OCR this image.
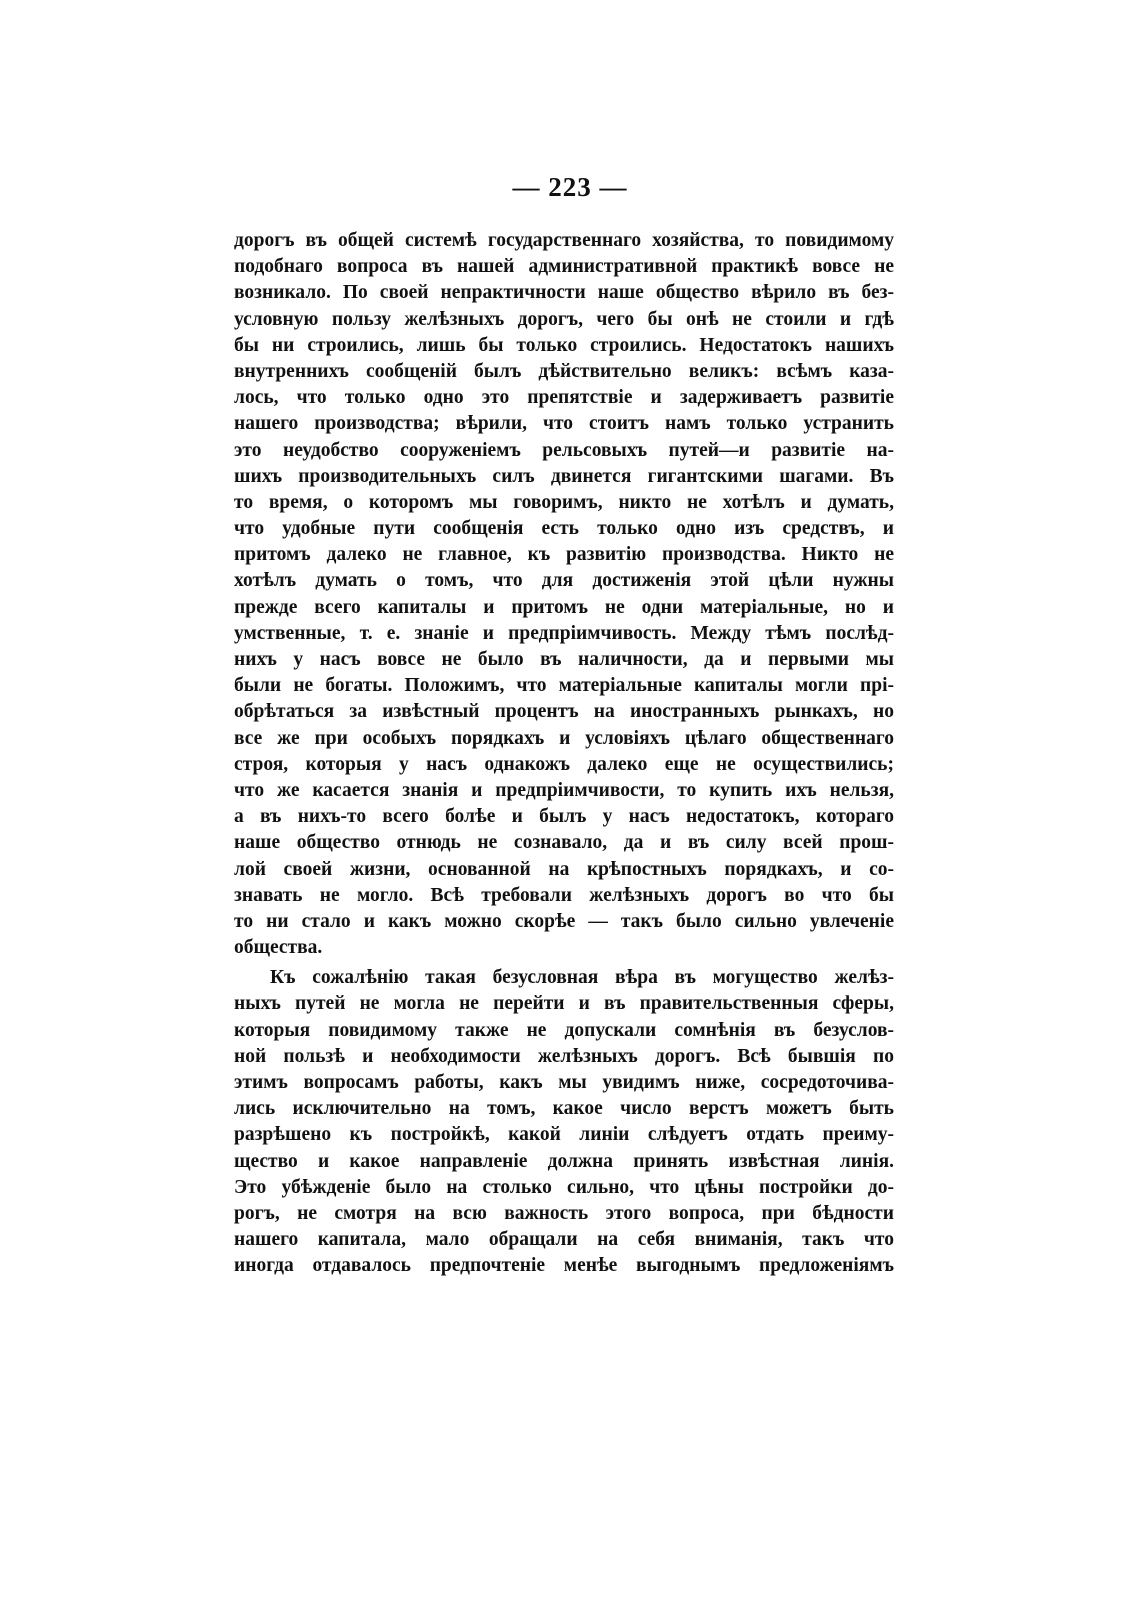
— 223 —
дорогъ въ общей системѣ государственнаго хозяйства, то повидимому
подобнаго вопроса въ нашей административной практикѣ вовсе не
возникало. По своей непрактичности наше общество вѣрило въ без-
условную пользу желѣзныхъ дорогъ, чего бы онѣ не стоили и гдѣ
бы ни строились, лишь бы только строились. Недостатокъ нашихъ
внутреннихъ сообщеній былъ дѣйствительно великъ: всѣмъ каза-
лось, что только одно это препятствіе и задерживаетъ развитіе
нашего производства; вѣрили, что стоитъ намъ только устранить
это неудобство сооруженіемъ рельсовыхъ путей—и развитіе на-
шихъ производительныхъ силъ двинется гигантскими шагами. Въ
то время, о которомъ мы говоримъ, никто не хотѣлъ и думать,
что удобные пути сообщенія есть только одно изъ средствъ, и
притомъ далеко не главное, къ развитію производства. Никто не
хотѣлъ думать о томъ, что для достиженія этой цѣли нужны
прежде всего капиталы и притомъ не одни матеріальные, но и
умственные, т. е. знаніе и предпріимчивость. Между тѣмъ послѣд-
нихъ у насъ вовсе не было въ наличности, да и первыми мы
были не богаты. Положимъ, что матеріальные капиталы могли прі-
обрѣтаться за извѣстный процентъ на иностранныхъ рынкахъ, но
все же при особыхъ порядкахъ и условіяхъ цѣлаго общественнаго
строя, которыя у насъ однакожъ далеко еще не осуществились;
что же касается знанія и предпріимчивости, то купить ихъ нельзя,
а въ нихъ-то всего болѣе и былъ у насъ недостатокъ, котораго
наше общество отнюдь не сознавало, да и въ силу всей прош-
лой своей жизни, основанной на крѣпостныхъ порядкахъ, и со-
знавать не могло. Всѣ требовали желѣзныхъ дорогъ во что бы
то ни стало и какъ можно скорѣе — такъ было сильно увлеченіе
общества.
Къ сожалѣнію такая безусловная вѣра въ могущество желѣз-
ныхъ путей не могла не перейти и въ правительственныя сферы,
которыя повидимому также не допускали сомнѣнія въ безуслов-
ной пользѣ и необходимости желѣзныхъ дорогъ. Всѣ бывшія по
этимъ вопросамъ работы, какъ мы увидимъ ниже, сосредоточива-
лись исключительно на томъ, какое число верстъ можетъ быть
разрѣшено къ постройкѣ, какой линіи слѣдуетъ отдать преиму-
щество и какое направленіе должна принять извѣстная линія.
Это убѣжденіе было на столько сильно, что цѣны постройки до-
рогъ, не смотря на всю важность этого вопроса, при бѣдности
нашего капитала, мало обращали на себя вниманія, такъ что
иногда отдавалось предпочтеніе менѣе выгоднымъ предложеніямъ
